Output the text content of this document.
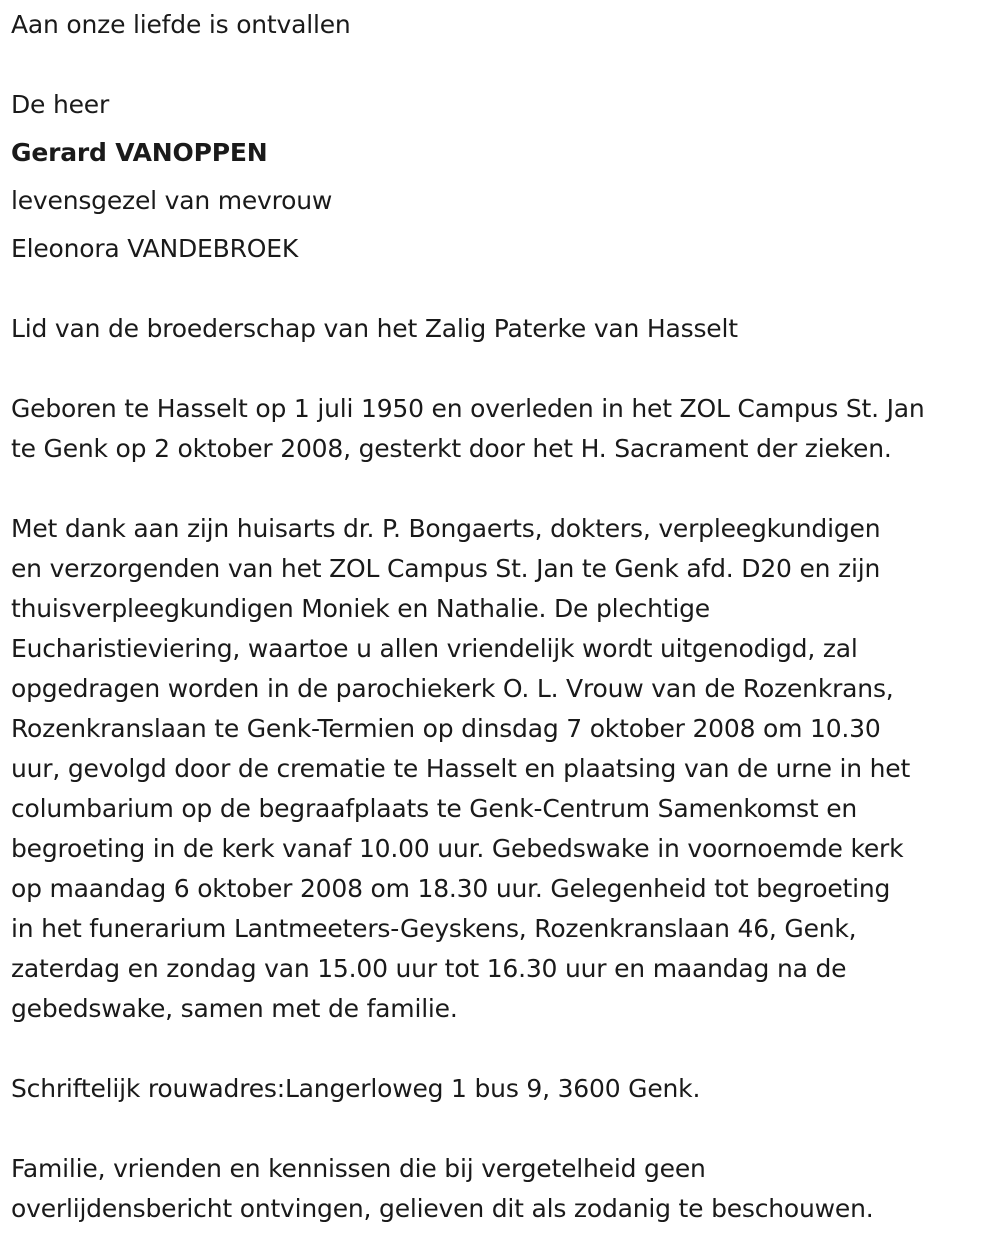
Aan onze liefde is ontvallen
De heer
Gerard VANOPPEN
levensgezel van mevrouw
Eleonora VANDEBROEK
Lid van de broederschap van het Zalig Paterke van Hasselt
Geboren te Hasselt op 1 juli 1950 en overleden in het ZOL Campus St. Jan
te Genk op 2 oktober 2008, gesterkt door het H. Sacrament der zieken.
Met dank aan zijn huisarts dr. P. Bongaerts, dokters, verpleegkundigen
en verzorgenden van het ZOL Campus St. Jan te Genk afd. D20 en zijn
thuisverpleegkundigen Moniek en Nathalie. De plechtige
Eucharistieviering, waartoe u allen vriendelijk wordt uitgenodigd, zal
opgedragen worden in de parochiekerk O. L. Vrouw van de Rozenkrans,
Rozenkranslaan te Genk-Termien op dinsdag 7 oktober 2008 om 10.30
uur, gevolgd door de crematie te Hasselt en plaatsing van de urne in het
columbarium op de begraafplaats te Genk-Centrum Samenkomst en
begroeting in de kerk vanaf 10.00 uur. Gebedswake in voornoemde kerk
op maandag 6 oktober 2008 om 18.30 uur. Gelegenheid tot begroeting
in het funerarium Lantmeeters-Geyskens, Rozenkranslaan 46, Genk,
zaterdag en zondag van 15.00 uur tot 16.30 uur en maandag na de
gebedswake, samen met de familie.
Schriftelijk rouwadres:Langerloweg 1 bus 9, 3600 Genk.
Familie, vrienden en kennissen die bij vergetelheid geen
overlijdensbericht ontvingen, gelieven dit als zodanig te beschouwen.
